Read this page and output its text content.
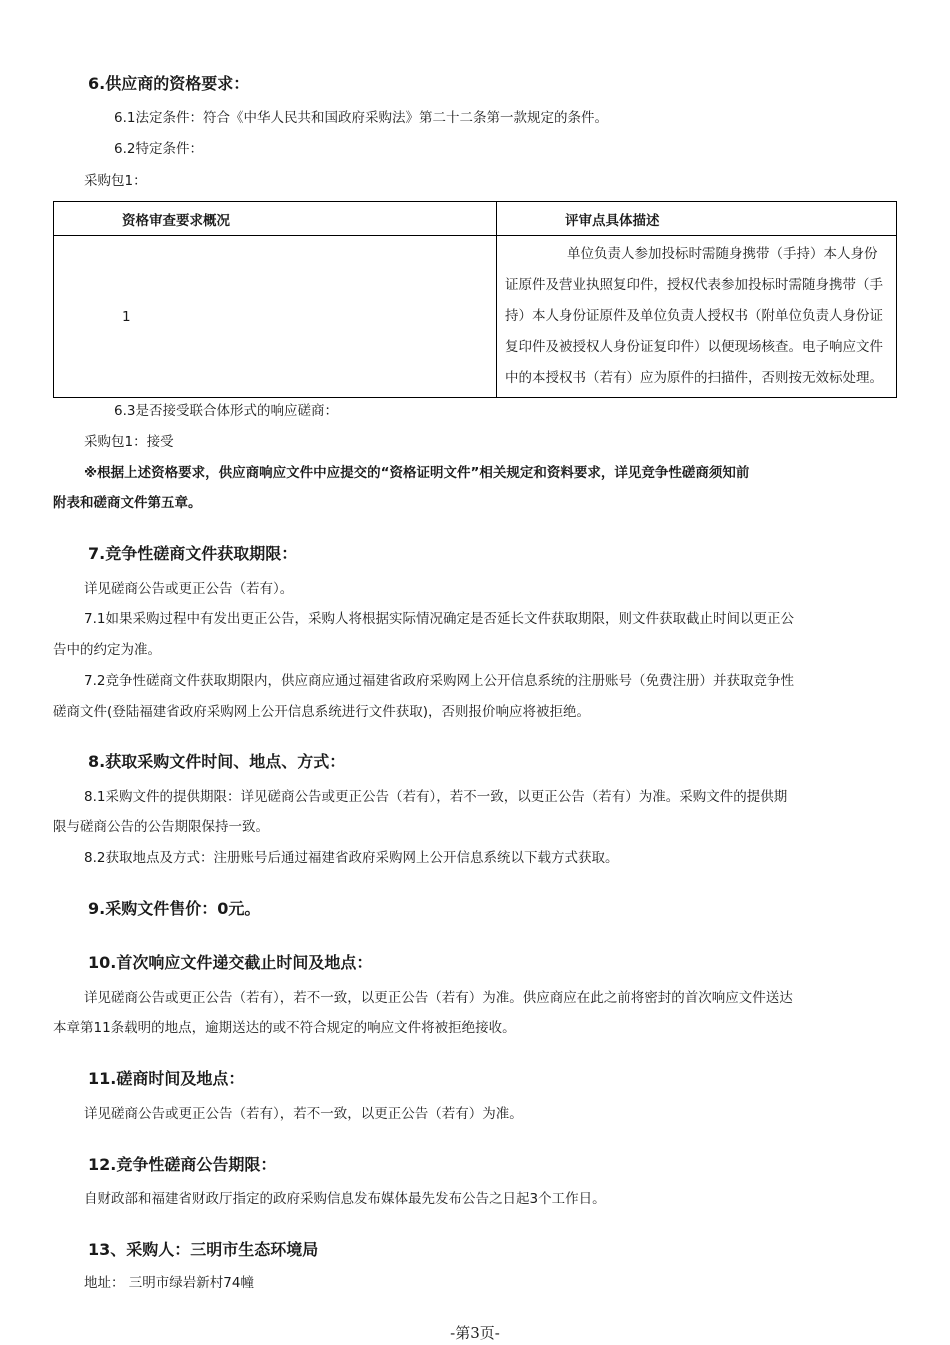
6.供应商的资格要求：
6.1法定条件：符合《中华人民共和国政府采购法》第二十二条第一款规定的条件。
6.2特定条件：
采购包1：
资格审查要求概况	评审点具体描述
1	单位负责人参加投标时需随身携带（手持）本人身份证原件及营业执照复印件，授权代表参加投标时需随身携带（手持）本人身份证原件及单位负责人授权书（附单位负责人身份证复印件及被授权人身份证复印件）以便现场核查。电子响应文件中的本授权书（若有）应为原件的扫描件，否则按无效标处理。
6.3是否接受联合体形式的响应磋商：
采购包1：接受
※根据上述资格要求，供应商响应文件中应提交的“资格证明文件”相关规定和资料要求，详见竞争性磋商须知前
附表和磋商文件第五章。
7.竞争性磋商文件获取期限：
详见磋商公告或更正公告（若有）。
7.1如果采购过程中有发出更正公告，采购人将根据实际情况确定是否延长文件获取期限，则文件获取截止时间以更正公
告中的约定为准。
7.2竞争性磋商文件获取期限内，供应商应通过福建省政府采购网上公开信息系统的注册账号（免费注册）并获取竞争性
磋商文件(登陆福建省政府采购网上公开信息系统进行文件获取)，否则报价响应将被拒绝。
8.获取采购文件时间、地点、方式：
8.1采购文件的提供期限：详见磋商公告或更正公告（若有），若不一致，以更正公告（若有）为准。采购文件的提供期
限与磋商公告的公告期限保持一致。
8.2获取地点及方式：注册账号后通过福建省政府采购网上公开信息系统以下载方式获取。
9.采购文件售价：0元。
10.首次响应文件递交截止时间及地点：
详见磋商公告或更正公告（若有），若不一致，以更正公告（若有）为准。供应商应在此之前将密封的首次响应文件送达
本章第11条载明的地点，逾期送达的或不符合规定的响应文件将被拒绝接收。
11.磋商时间及地点：
详见磋商公告或更正公告（若有），若不一致，以更正公告（若有）为准。
12.竞争性磋商公告期限：
自财政部和福建省财政厅指定的政府采购信息发布媒体最先发布公告之日起3个工作日。
13、采购人：三明市生态环境局
地址： 三明市绿岩新村74幢
-第3页-
